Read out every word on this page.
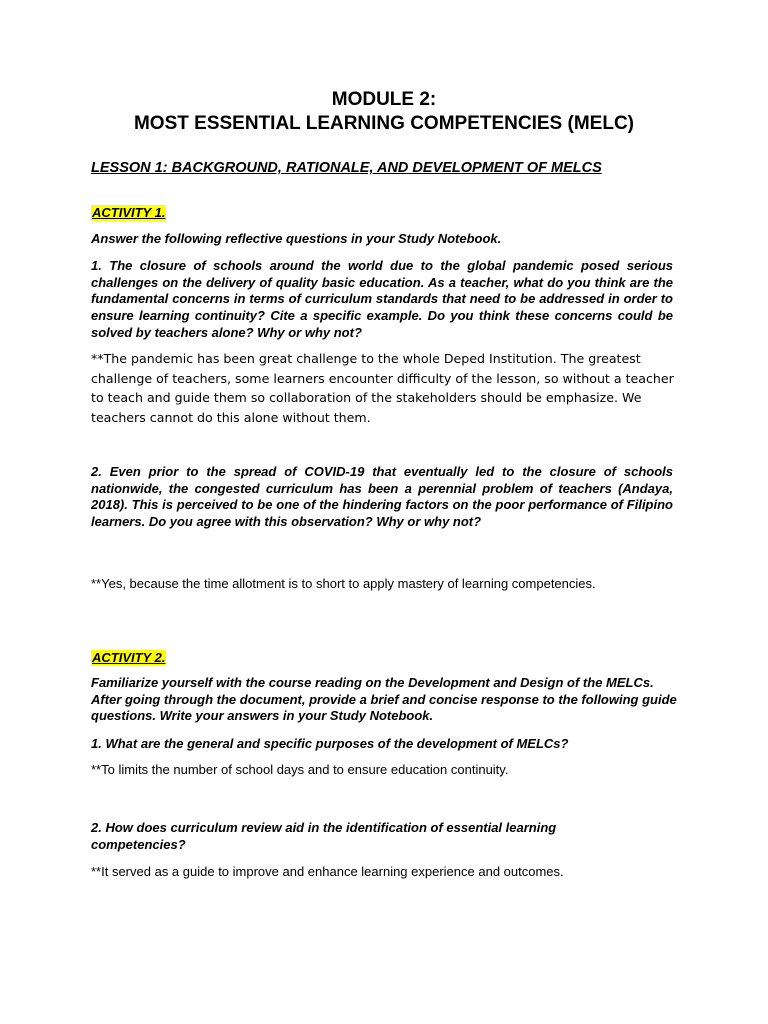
MODULE 2:
MOST ESSENTIAL LEARNING COMPETENCIES (MELC)
LESSON 1: BACKGROUND, RATIONALE, AND DEVELOPMENT OF MELCS
ACTIVITY 1.
Answer the following reflective questions in your Study Notebook.
1. The closure of schools around the world due to the global pandemic posed serious challenges on the delivery of quality basic education. As a teacher, what do you think are the fundamental concerns in terms of curriculum standards that need to be addressed in order to ensure learning continuity? Cite a specific example. Do you think these concerns could be solved by teachers alone? Why or why not?
**The pandemic has been great challenge to the whole Deped Institution. The greatest challenge of teachers, some learners encounter difficulty of the lesson, so without a teacher to teach and guide them so collaboration of the stakeholders should be emphasize. We teachers cannot do this alone without them.
2. Even prior to the spread of COVID-19 that eventually led to the closure of schools nationwide, the congested curriculum has been a perennial problem of teachers (Andaya, 2018). This is perceived to be one of the hindering factors on the poor performance of Filipino learners. Do you agree with this observation? Why or why not?
**Yes, because the time allotment is to short to apply mastery of learning competencies.
ACTIVITY 2.
Familiarize yourself with the course reading on the Development and Design of the MELCs. After going through the document, provide a brief and concise response to the following guide questions. Write your answers in your Study Notebook.
1. What are the general and specific purposes of the development of MELCs?
**To limits the number of school days and to ensure education continuity.
2. How does curriculum review aid in the identification of essential learning competencies?
**It served as a guide to improve and enhance learning experience and outcomes.
